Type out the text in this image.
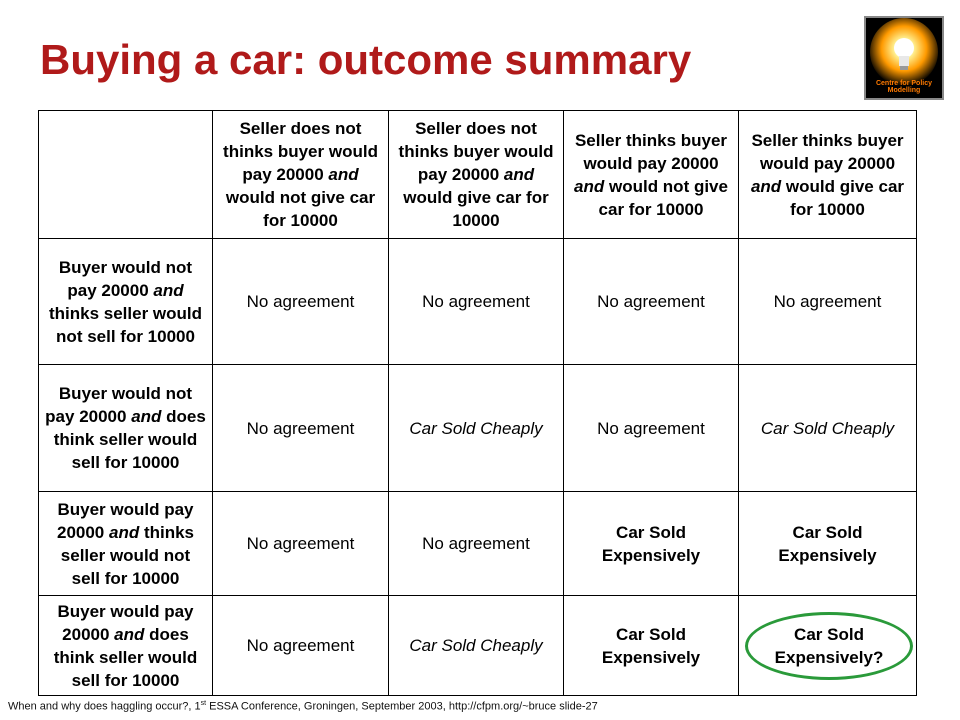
Buying a car: outcome summary
Centre for Policy Modelling
	Seller does not thinks buyer would pay 20000 and would not give car for 10000	Seller does not thinks buyer would pay 20000 and would give car for 10000	Seller thinks buyer would pay 20000 and would not give car for 10000	Seller thinks buyer would pay 20000 and would give car for 10000
Buyer would not pay 20000 and thinks seller would not sell for 10000	No agreement	No agreement	No agreement	No agreement
Buyer would not pay 20000 and does think seller would sell for 10000	No agreement	Car Sold Cheaply	No agreement	Car Sold Cheaply
Buyer would pay 20000 and thinks seller would not sell for 10000	No agreement	No agreement	Car Sold Expensively	Car Sold Expensively
Buyer would pay 20000 and does think seller would sell for 10000	No agreement	Car Sold Cheaply	Car Sold Expensively	Car Sold Expensively?
When and why does haggling occur?, 1st ESSA Conference, Groningen, September 2003, http://cfpm.org/~bruce slide-27
